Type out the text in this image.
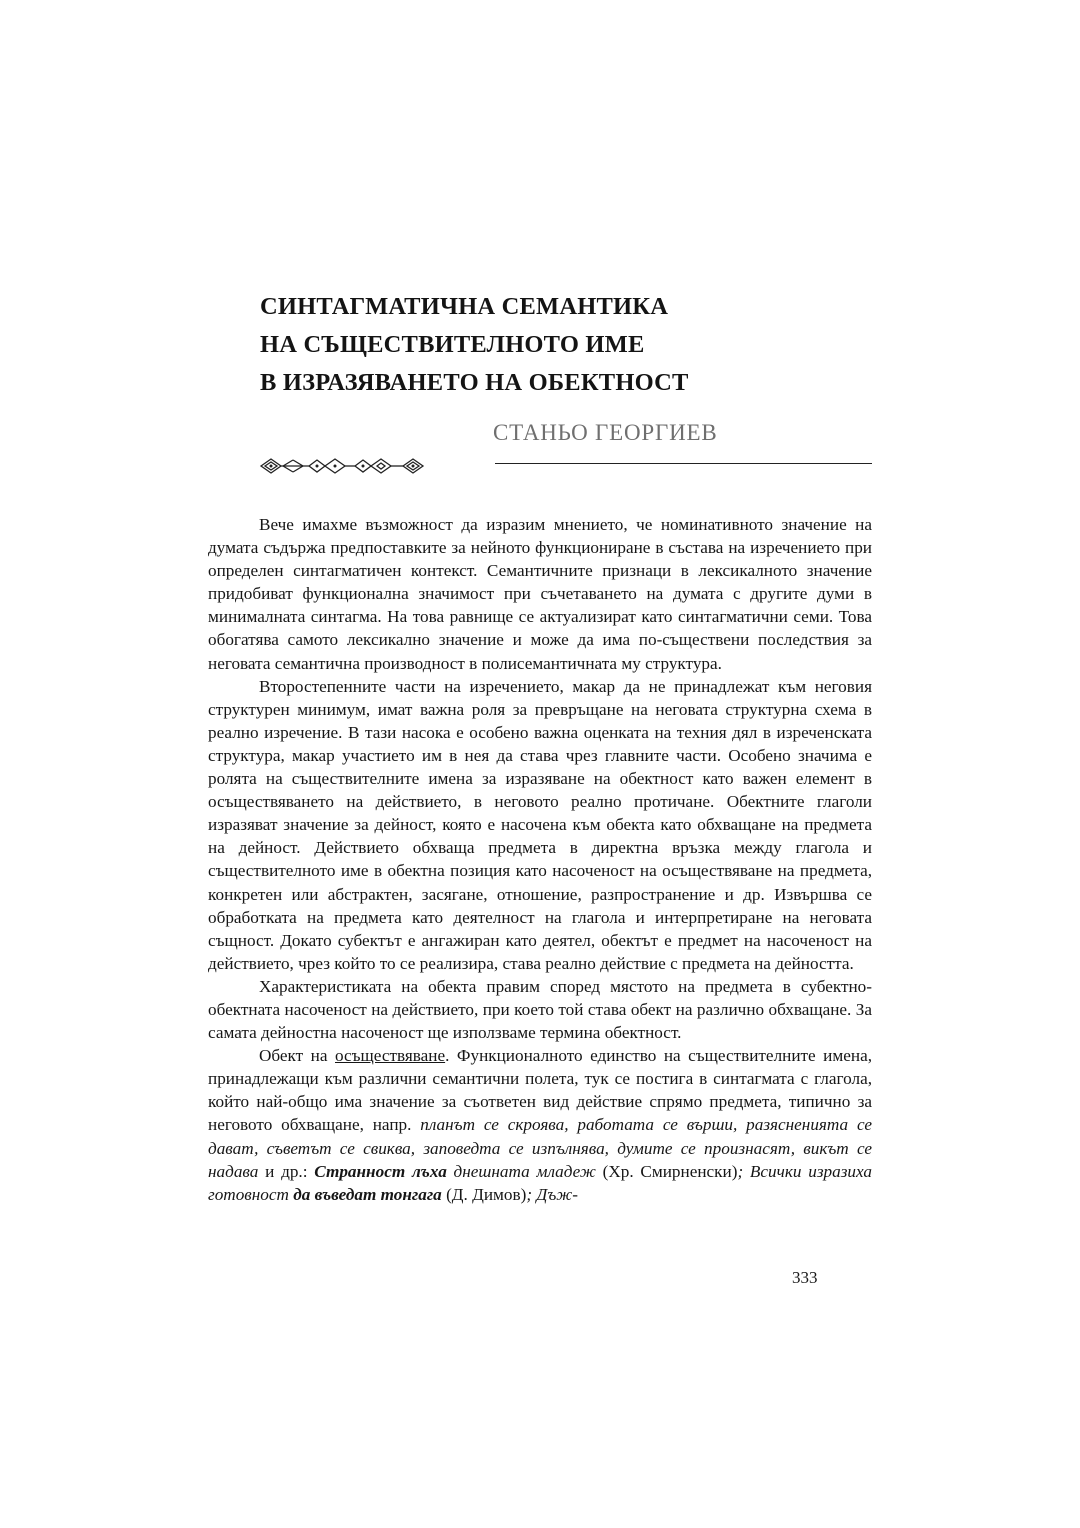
СИНТАГМАТИЧНА СЕМАНТИКА
НА СЪЩЕСТВИТЕЛНОТО ИМЕ
В ИЗРАЗЯВАНЕТО НА ОБЕКТНОСТ
СТАНЬО ГЕОРГИЕВ

Вече имахме възможност да изразим мнението, че номинативното значение на думата съдържа предпоставките за нейното функциониране в състава на изречението при определен синтагматичен контекст. Семантичните признаци в лексикалното значение придобиват функционална значимост при съчетаването на думата с другите думи в минималната синтагма. На това равнище се актуализират като синтагматични семи. Това обогатява самото лексикално значение и може да има по-съществени последствия за неговата семантична производност в полисемантичната му структура.

Второстепенните части на изречението, макар да не принадлежат към неговия структурен минимум, имат важна роля за превръщане на неговата структурна схема в реално изречение. В тази насока е особено важна оценката на техния дял в изреченската структура, макар участието им в нея да става чрез главните части. Особено значима е ролята на съществителните имена за изразяване на обектност като важен елемент в осъществяването на действието, в неговото реално протичане. Обектните глаголи изразяват значение за дейност, която е насочена към обекта като обхващане на предмета на дейност. Действието обхваща предмета в директна връзка между глагола и съществителното име в обектна позиция като насоченост на осъществяване на предмета, конкретен или абстрактен, засягане, отношение, разпространение и др. Извършва се обработката на предмета като деятелност на глагола и интерпретиране на неговата същност. Докато субектът е ангажиран като деятел, обектът е предмет на насоченост на действието, чрез който то се реализира, става реално действие с предмета на дейността.

Характеристиката на обекта правим според мястото на предмета в субектно-обектната насоченост на действието, при което той става обект на различно обхващане. За самата дейностна насоченост ще използваме термина обектност.

Обект на осъществяване. Функционалното единство на съществителните имена, принадлежащи към различни семантични полета, тук се постига в синтагмата с глагола, който най-общо има значение за съответен вид действие спрямо предмета, типично за неговото обхващане, напр. планът се скроява, работата се върши, разясненията се дават, съветът се свиква, заповедта се изпълнява, думите се произнасят, викът се надава и др.: Странност лъха днешната младеж (Хр. Смирненски); Всички изразиха готовност да въведат тонгага (Д. Димов); Дъж-

333
